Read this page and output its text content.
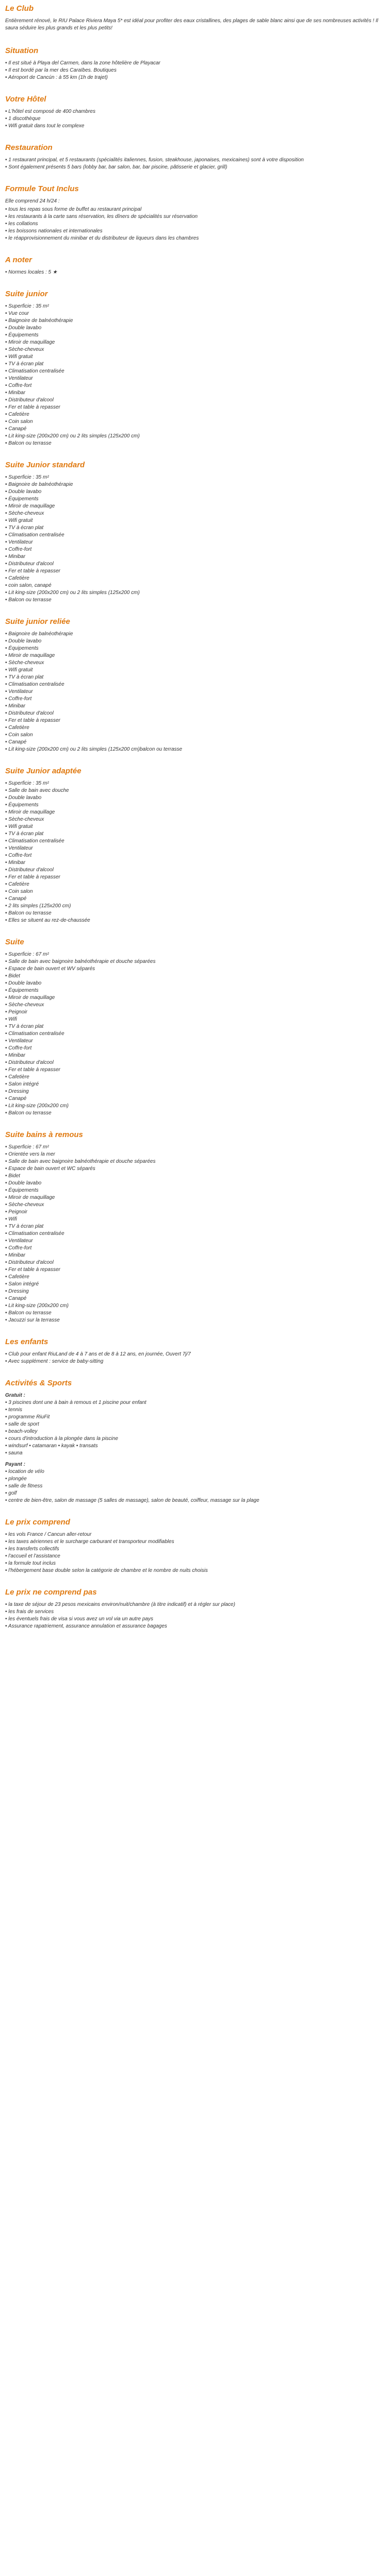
Le Club

Entièrement rénové, le RIU Palace Riviera Maya 5* est idéal pour profiter des eaux cristallines, des plages de sable blanc ainsi que de ses nombreuses activités ! Il saura séduire les plus grands et les plus petits!

Situation
• Il est situé à Playa del Carmen, dans la zone hôtelière de Playacar
• Il est bordé par la mer des Caraïbes. Boutiques
• Aéroport de Cancún : à 55 km (1h de trajet)
Votre Hôtel
• L'hôtel est composé de 400 chambres
• 1 discothèque
• Wifi gratuit dans tout le complexe
Restauration
• 1 restaurant principal, et 5 restaurants (spécialités italiennes, fusion, steakhouse, japonaises, mexicaines) sont à votre disposition
• Sont également présents 5 bars (lobby bar, bar salon, bar, bar piscine, pâtisserie et glacier, grill)
Formule Tout Inclus

Elle comprend 24 h/24 :

• tous les repas sous forme de buffet au restaurant principal
• les restaurants à la carte sans réservation, les dîners de spécialités sur réservation
• les collations
• les boissons nationales et internationales
• le réapprovisionnement du minibar et du distributeur de liqueurs dans les chambres
A noter
• Normes locales : 5 ★
Suite junior
• Superficie : 35 m²
• Vue cour
• Baignoire de balnéothérapie
• Double lavabo
• Équipements
• Miroir de maquillage
• Sèche-cheveux
• Wifi gratuit
• TV à écran plat
• Climatisation centralisée
• Ventilateur
• Coffre-fort
• Minibar
• Distributeur d'alcool
• Fer et table à repasser
• Cafetière
• Coin salon
• Canapé
• Lit king-size (200x200 cm) ou 2 lits simples (125x200 cm)
• Balcon ou terrasse
Suite Junior standard
• Superficie : 35 m²
• Baignoire de balnéothérapie
• Double lavabo
• Équipements
• Miroir de maquillage
• Sèche-cheveux
• Wifi gratuit
• TV à écran plat
• Climatisation centralisée
• Ventilateur
• Coffre-fort
• Minibar
• Distributeur d'alcool
• Fer et table à repasser
• Cafetière
• coin salon, canapé
• Lit king-size (200x200 cm) ou 2 lits simples (125x200 cm)
• Balcon ou terrasse
Suite junior reliée
• Baignoire de balnéothérapie
• Double lavabo
• Équipements
• Miroir de maquillage
• Sèche-cheveux
• Wifi gratuit
• TV à écran plat
• Climatisation centralisée
• Ventilateur
• Coffre-fort
• Minibar
• Distributeur d'alcool
• Fer et table à repasser
• Cafetière
• Coin salon
• Canapé
• Lit king-size (200x200 cm) ou 2 lits simples (125x200 cm)balcon ou terrasse
Suite Junior adaptée
• Superficie : 35 m²
• Salle de bain avec douche
• Double lavabo
• Équipements
• Miroir de maquillage
• Sèche-cheveux
• Wifi gratuit
• TV à écran plat
• Climatisation centralisée
• Ventilateur
• Coffre-fort
• Minibar
• Distributeur d'alcool
• Fer et table à repasser
• Cafetière
• Coin salon
• Canapé
• 2 lits simples (125x200 cm)
• Balcon ou terrasse
• Elles se situent au rez-de-chaussée
Suite
• Superficie : 67 m²
• Salle de bain avec baignoire balnéothérapie et douche séparées
• Espace de bain ouvert et WV séparés
• Bidet
• Double lavabo
• Équipements
• Miroir de maquillage
• Sèche-cheveux
• Peignoir
• Wifi
• TV à écran plat
• Climatisation centralisée
• Ventilateur
• Coffre-fort
• Minibar
• Distributeur d'alcool
• Fer et table à repasser
• Cafetière
• Salon intégré
• Dressing
• Canapé
• Lit king-size (200x200 cm)
• Balcon ou terrasse
Suite bains à remous
• Superficie : 67 m²
• Orientée vers la mer
• Salle de bain avec baignoire balnéothérapie et douche séparées
• Espace de bain ouvert et WC séparés
• Bidet
• Double lavabo
• Équipements
• Miroir de maquillage
• Sèche-cheveux
• Peignoir
• Wifi
• TV à écran plat
• Climatisation centralisée
• Ventilateur
• Coffre-fort
• Minibar
• Distributeur d'alcool
• Fer et table à repasser
• Cafetière
• Salon intégré
• Dressing
• Canapé
• Lit king-size (200x200 cm)
• Balcon ou terrasse
• Jacuzzi sur la terrasse
Les enfants
• Club pour enfant RiuLand de 4 à 7 ans et de 8 à 12 ans, en journée, Ouvert 7j/7
• Avec supplément : service de baby-sitting
Activités & Sports

Gratuit :

• 3 piscines dont une à bain à remous et 1 piscine pour enfant
• tennis
• programme RiuFit
• salle de sport
• beach-volley
• cours d'introduction à la plongée dans la piscine
• windsurf • catamaran • kayak • transats
• sauna

Payant :

• location de vélo
• plongée
• salle de fitness
• golf
• centre de bien-être, salon de massage (5 salles de massage), salon de beauté, coiffeur, massage sur la plage
Le prix comprend
• les vols France / Cancun aller-retour
• les taxes aériennes et le surcharge carburant et transporteur modifiables
• les transferts collectifs
• l'accueil et l'assistance
• la formule tout inclus
• l'hébergement base double selon la catégorie de chambre et le nombre de nuits choisis
Le prix ne comprend pas
• la taxe de séjour de 23 pesos mexicains environ/nuit/chambre (à titre indicatif) et à régler sur place)
• les frais de services
• les éventuels frais de visa si vous avez un vol via un autre pays
• Assurance rapatriement, assurance annulation et assurance bagages
